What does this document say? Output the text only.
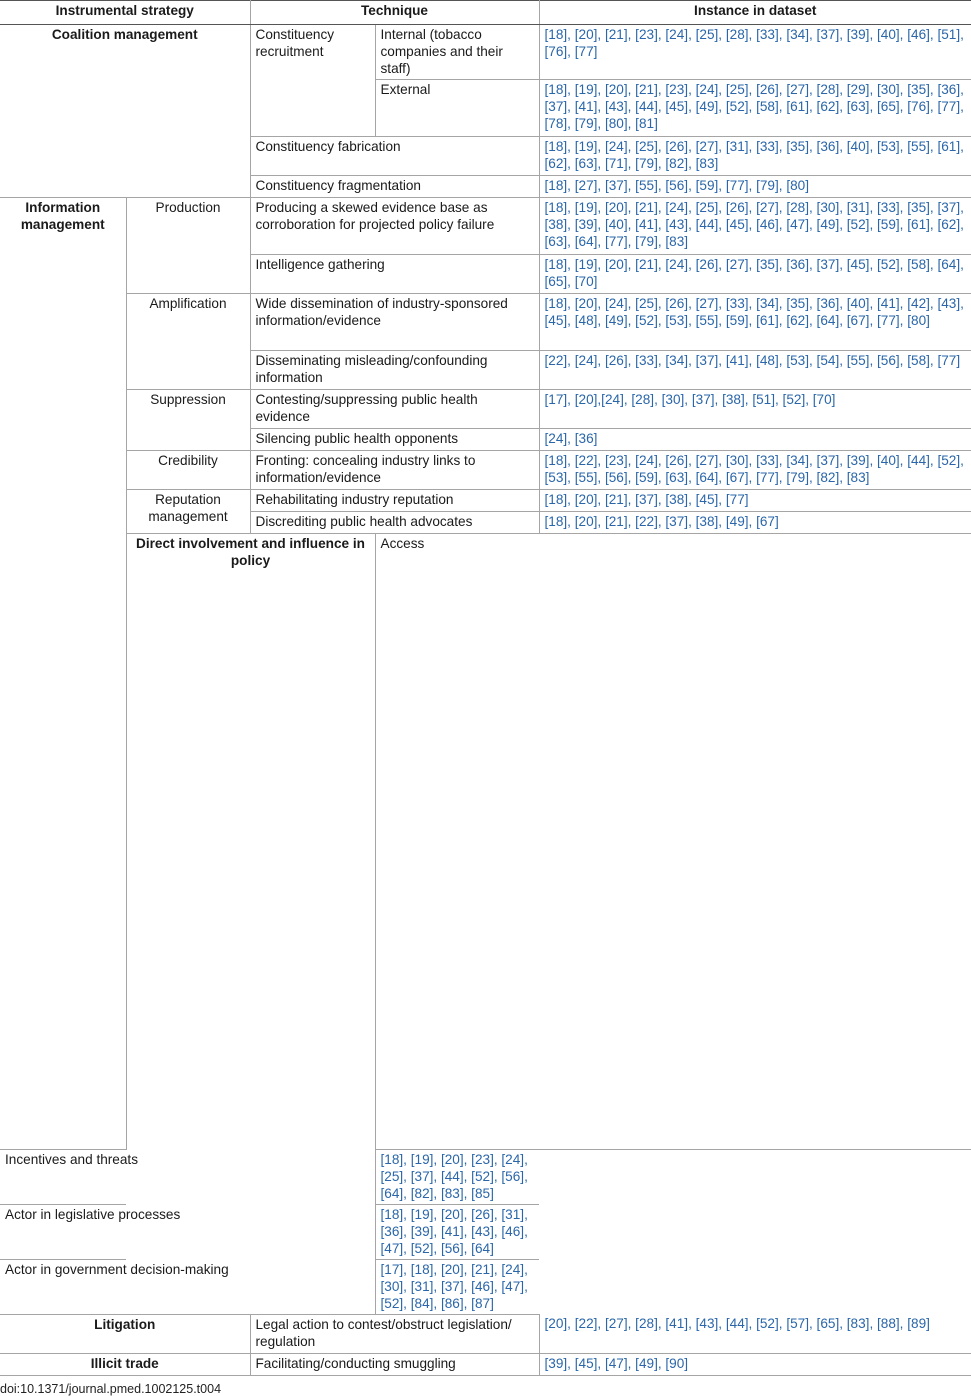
Instrumental strategy		Technique		Instance in dataset	
Coalition management		Constituency recruitment	Internal (tobacco companies and their staff)	[18], [20], [21], [23], [24], [25], [28], [33], [34], [37], [39], [40], [46], [51], [76], [77]	
			External	[18], [19], [20], [21], [23], [24], [25], [26], [27], [28], [29], [30], [35], [36], [37], [41], [43], [44], [45], [49], [52], [58], [61], [62], [63], [65], [76], [77], [78], [79], [80], [81]	
		Constituency fabrication		[18], [19], [24], [25], [26], [27], [31], [33], [35], [36], [40], [53], [55], [61], [62], [63], [71], [79], [82], [83]	
		Constituency fragmentation		[18], [27], [37], [55], [56], [59], [77], [79], [80]	
Information management	Production	Producing a skewed evidence base as corroboration for projected policy failure		[18], [19], [20], [21], [24], [25], [26], [27], [28], [30], [31], [33], [35], [37], [38], [39], [40], [41], [43], [44], [45], [46], [47], [49], [52], [59], [61], [62], [63], [64], [77], [79], [83]	
		Intelligence gathering		[18], [19], [20], [21], [24], [26], [27], [35], [36], [37], [45], [52], [58], [64], [65], [70]	
	Amplification	Wide dissemination of industry-sponsored information/evidence		[18], [20], [24], [25], [26], [27], [33], [34], [35], [36], [40], [41], [42], [43], [45], [48], [49], [52], [53], [55], [59], [61], [62], [64], [67], [77], [80]	
		Disseminating misleading/confounding information		[22], [24], [26], [33], [34], [37], [41], [48], [53], [54], [55], [56], [58], [77]	
	Suppression	Contesting/suppressing public health evidence		[17], [20],[24], [28], [30], [37], [38], [51], [52], [70]	
		Silencing public health opponents		[24], [36]	
	Credibility	Fronting: concealing industry links to information/evidence		[18], [22], [23], [24], [26], [27], [30], [33], [34], [37], [39], [40], [44], [52], [53], [55], [56], [59], [63], [64], [67], [77], [79], [82], [83]	
	Reputation management	Rehabilitating industry reputation		[18], [20], [21], [37], [38], [45], [77]	
		Discrediting public health advocates		[18], [20], [21], [22], [37], [38], [49], [67]	
	Direct involvement and influence in policy		Access	
Incentives and threats			[18], [19], [20], [23], [24], [25], [37], [44], [52], [56], [64], [82], [83], [85]		
Actor in legislative processes			[18], [19], [20], [26], [31], [36], [39], [41], [43], [46], [47], [52], [56], [64]		
Actor in government decision-making			[17], [18], [20], [21], [24], [30], [31], [37], [46], [47], [52], [84], [86], [87]		
Litigation		Legal action to contest/obstruct legislation/ regulation		[20], [22], [27], [28], [41], [43], [44], [52], [57], [65], [83], [88], [89]	
Illicit trade		Facilitating/conducting smuggling		[39], [45], [47], [49], [90]	
doi:10.1371/journal.pmed.1002125.t004
